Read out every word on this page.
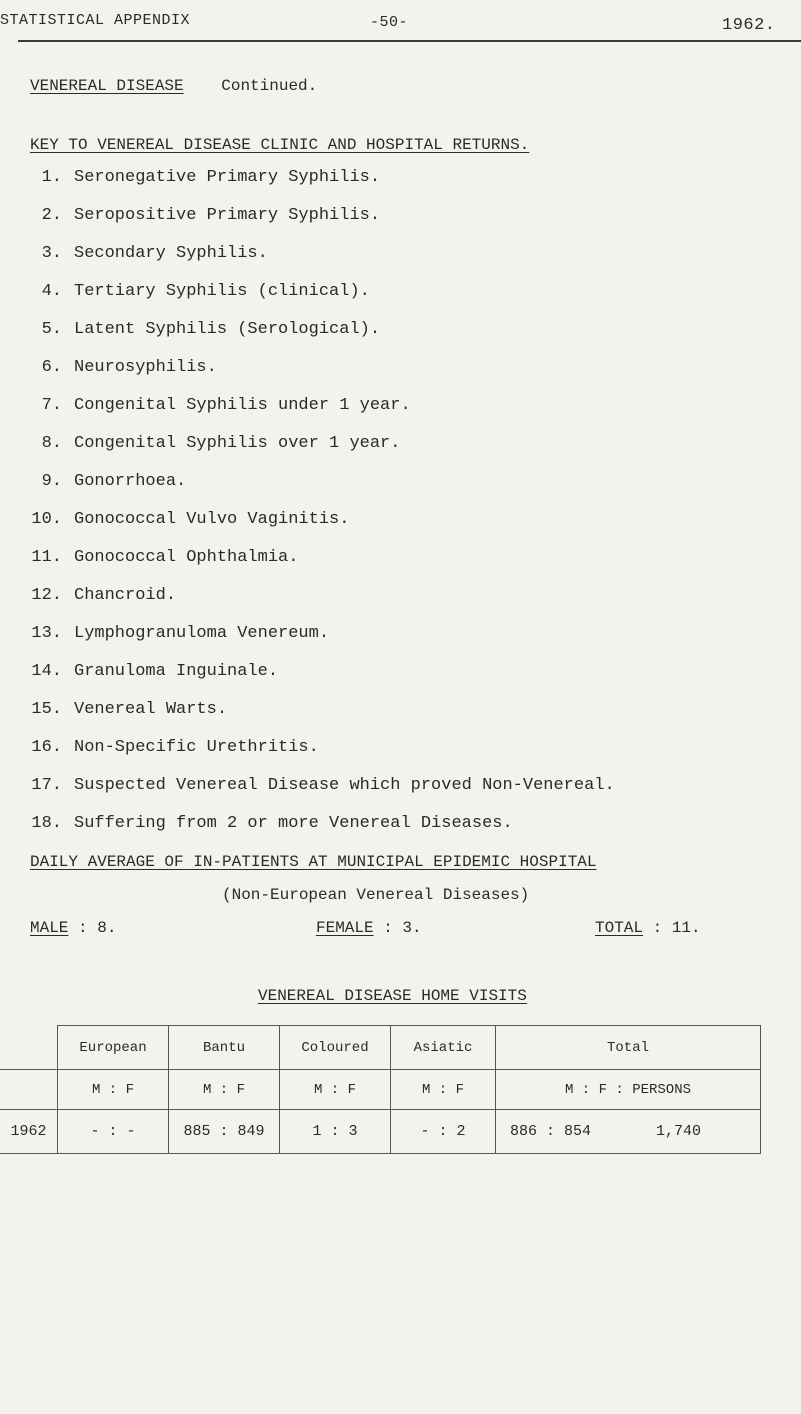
STATISTICAL APPENDIX	-50-	1962.
VENEREAL DISEASE Continued.
KEY TO VENEREAL DISEASE CLINIC AND HOSPITAL RETURNS.
1. Seronegative Primary Syphilis.
2. Seropositive Primary Syphilis.
3. Secondary Syphilis.
4. Tertiary Syphilis (clinical).
5. Latent Syphilis (Serological).
6. Neurosyphilis.
7. Congenital Syphilis under 1 year.
8. Congenital Syphilis over 1 year.
9. Gonorrhoea.
10. Gonococcal Vulvo Vaginitis.
11. Gonococcal Ophthalmia.
12. Chancroid.
13. Lymphogranuloma Venereum.
14. Granuloma Inguinale.
15. Venereal Warts.
16. Non-Specific Urethritis.
17. Suspected Venereal Disease which proved Non-Venereal.
18. Suffering from 2 or more Venereal Diseases.
DAILY AVERAGE OF IN-PATIENTS AT MUNICIPAL EPIDEMIC HOSPITAL
(Non-European Venereal Diseases)
MALE : 8.	FEMALE : 3.	TOTAL : 11.
VENEREAL DISEASE HOME VISITS
	European	Bantu	Coloured	Asiatic	Total
	M : F	M : F	M : F	M : F	M : F : PERSONS
1962	- : -	885 : 849	1 : 3	- : 2	886 : 854 1,740
